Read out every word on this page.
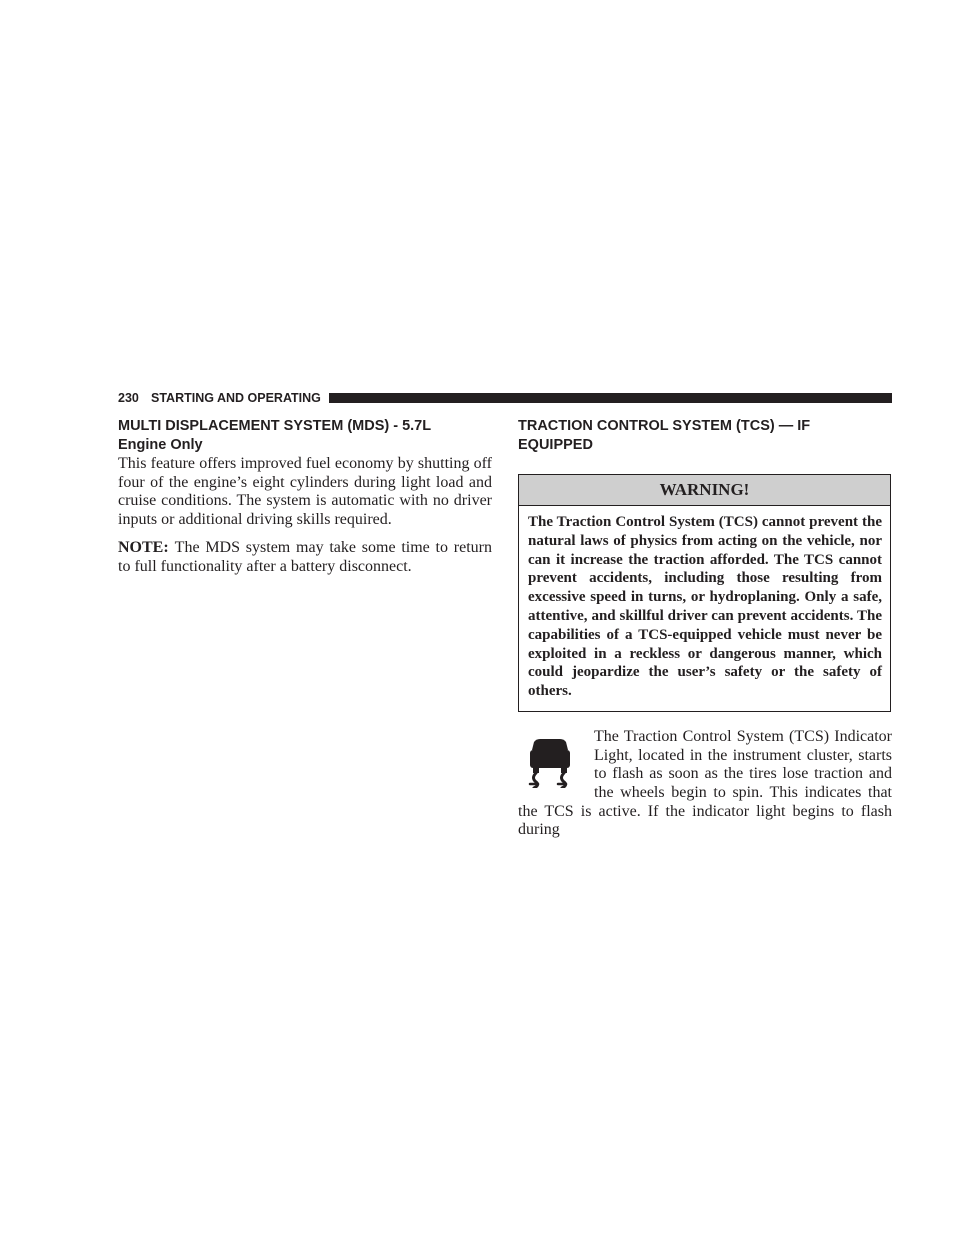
230 STARTING AND OPERATING
MULTI DISPLACEMENT SYSTEM (MDS) - 5.7L
Engine Only

This feature offers improved fuel economy by shutting off four of the engine’s eight cylinders during light load and cruise conditions. The system is automatic with no driver inputs or additional driving skills required.

NOTE: The MDS system may take some time to return to full functionality after a battery disconnect.

TRACTION CONTROL SYSTEM (TCS) — IF
EQUIPPED
WARNING!
The Traction Control System (TCS) cannot prevent the natural laws of physics from acting on the vehicle, nor can it increase the traction afforded. The TCS cannot prevent accidents, including those resulting from excessive speed in turns, or hydroplaning. Only a safe, attentive, and skillful driver can prevent accidents. The capabilities of a TCS-equipped vehicle must never be exploited in a reckless or dangerous manner, which could jeopardize the user’s safety or the safety of others.
The Traction Control System (TCS) Indicator Light, located in the instrument cluster, starts to flash as soon as the tires lose traction and the wheels begin to spin. This indicates that the TCS is active. If the indicator light begins to flash during
